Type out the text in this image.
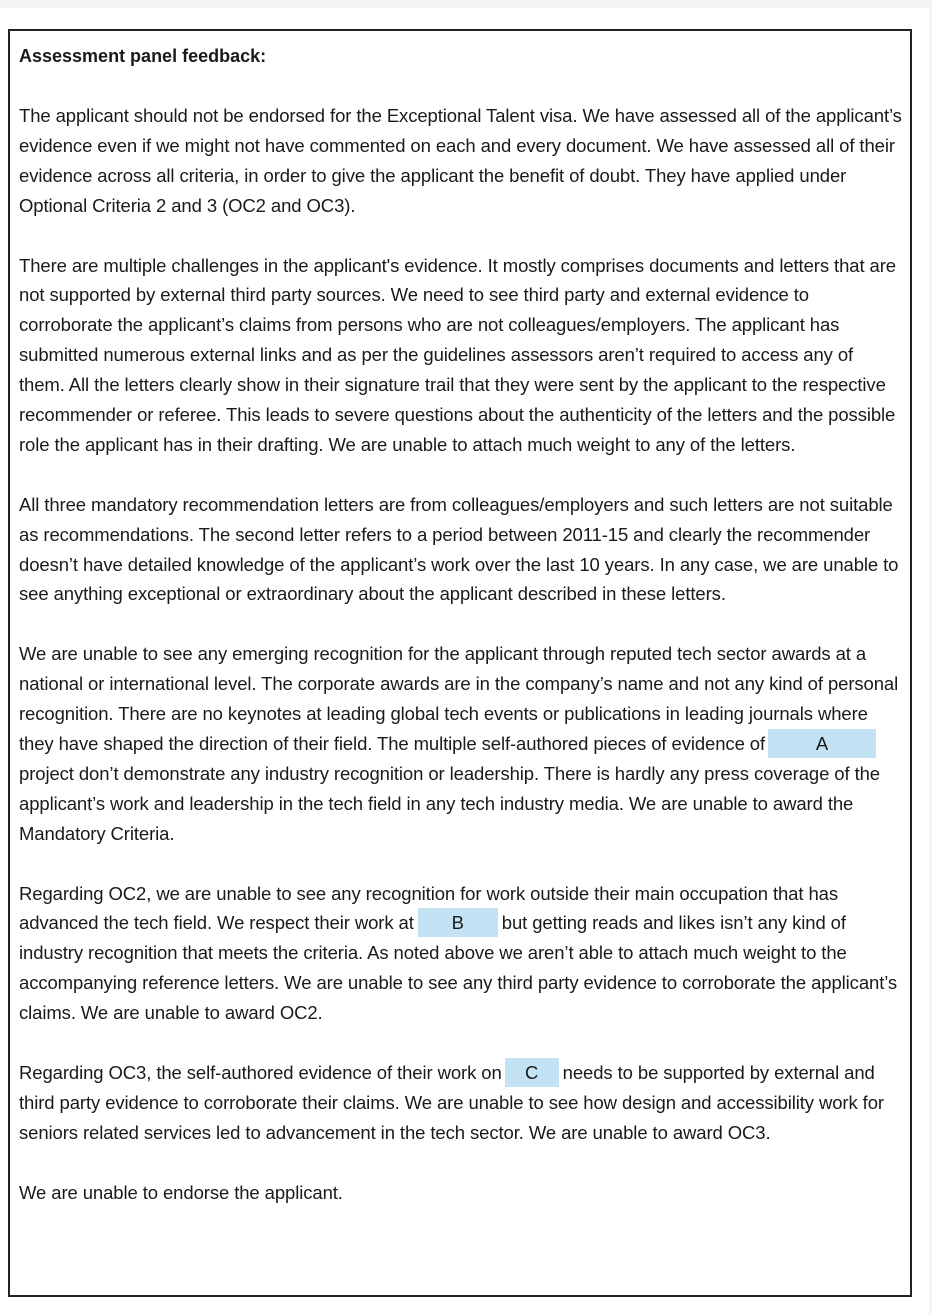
Assessment panel feedback:

The applicant should not be endorsed for the Exceptional Talent visa. We have assessed all of the applicant’s evidence even if we might not have commented on each and every document. We have assessed all of their evidence across all criteria, in order to give the applicant the benefit of doubt. They have applied under Optional Criteria 2 and 3 (OC2 and OC3).

There are multiple challenges in the applicant's evidence. It mostly comprises documents and letters that are not supported by external third party sources. We need to see third party and external evidence to corroborate the applicant’s claims from persons who are not colleagues/employers. The applicant has submitted numerous external links and as per the guidelines assessors aren’t required to access any of them. All the letters clearly show in their signature trail that they were sent by the applicant to the respective recommender or referee. This leads to severe questions about the authenticity of the letters and the possible role the applicant has in their drafting. We are unable to attach much weight to any of the letters.

All three mandatory recommendation letters are from colleagues/employers and such letters are not suitable as recommendations. The second letter refers to a period between 2011-15 and clearly the recommender doesn’t have detailed knowledge of the applicant’s work over the last 10 years. In any case, we are unable to see anything exceptional or extraordinary about the applicant described in these letters.

We are unable to see any emerging recognition for the applicant through reputed tech sector awards at a national or international level. The corporate awards are in the company’s name and not any kind of personal recognition. There are no keynotes at leading global tech events or publications in leading journals where they have shaped the direction of their field. The multiple self-authored pieces of evidence of	Aproject don’t demonstrate any industry recognition or leadership. There is hardly any press coverage of the applicant’s work and leadership in the tech field in any tech industry media. We are unable to award the Mandatory Criteria.

Regarding OC2, we are unable to see any recognition for work outside their main occupation that has advanced the tech field. We respect their work at B but getting reads and likes isn’t any kind of industry recognition that meets the criteria. As noted above we aren’t able to attach much weight to the accompanying reference letters. We are unable to see any third party evidence to corroborate the applicant’s claims. We are unable to award OC2.

Regarding OC3, the self-authored evidence of their work on C needs to be supported by external and third party evidence to corroborate their claims. We are unable to see how design and accessibility work for seniors related services led to advancement in the tech sector. We are unable to award OC3.

We are unable to endorse the applicant.
